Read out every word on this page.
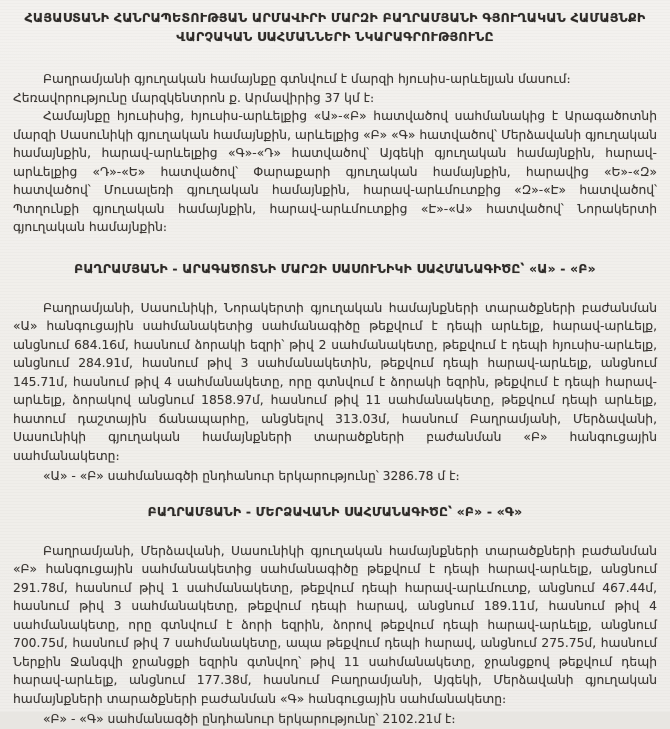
ՀԱՅԱՍՏԱՆԻ ՀԱՆՐԱՊԵՏՈՒԹՅԱՆ ԱՐՄԱՎԻՐԻ ՄԱՐԶԻ ԲԱՂՐԱՄՅԱՆԻ ԳՅՈՒՂԱԿԱՆ ՀԱՄԱՅՆՔԻ
ՎԱՐՉԱԿԱՆ ՍԱՀՄԱՆՆԵՐԻ ՆԿԱՐԱԳՐՈՒԹՅՈՒՆԸ

Բաղրամյանի գյուղական համայնքը գտնվում է մարզի հյուսիս-արևելյան մասում։

Հեռավորությունը մարզկենտրոն ք. Արմավիրից 37 կմ է։

Համայնքը հյուսիսից, հյուսիս-արևելքից «Ա»-«Բ» հատվածով սահմանակից է Արագածոտնի մարզի Սասունիկի գյուղական համայնքին, արևելքից «Բ» «Գ» հատվածով՝ Մերձավանի գյուղական համայնքին, հարավ-արևելքից «Գ»-«Դ» հատվածով՝ Այգեկի գյուղական համայնքին, հարավ-արևելքից «Դ»-«Ե» հատվածով՝ Փարաքարի գյուղական համայնքին, հարավից «Ե»-«Զ» հատվածով՝ Մուսալեռի գյուղական համայնքին, հարավ-արևմուտքից «Զ»-«Է» հատվածով՝ Պտղունքի գյուղական համայնքին, հարավ-արևմուտքից «Է»-«Ա» հատվածով՝ Նորակերտի գյուղական համայնքին։

ԲԱՂՐԱՄՅԱՆԻ - ԱՐԱԳԱԾՈՏՆԻ ՄԱՐԶԻ ՍԱՍՈՒՆԻԿԻ ՍԱՀՄԱՆԱԳԻԾԸ՝ «Ա» - «Բ»

Բաղրամյանի, Սասունիկի, Նորակերտի գյուղական համայնքների տարածքների բաժանման «Ա» հանգուցային սահմանակետից սահմանագիծը թեքվում է դեպի արևելք, հարավ-արևելք, անցնում 684.16մ, հասնում ձորակի եզրի՝ թիվ 2 սահմանակետը, թեքվում է դեպի հյուսիս-արևելք, անցնում 284.91մ, հասնում թիվ 3 սահմանակետին, թեքվում դեպի հարավ-արևելք, անցնում 145.71մ, հասնում թիվ 4 սահմանակետը, որը գտնվում է ձորակի եզրին, թեքվում է դեպի հարավ-արևելք, ձորակով անցնում 1858.97մ, հասնում թիվ 11 սահմանակետը, թեքվում դեպի արևելք, հատում դաշտային ճանապարհը, անցնելով 313.03մ, հասնում Բաղրամյանի, Մերձավանի, Սասունիկի գյուղական համայնքների տարածքների բաժանման «Բ» հանգուցային սահմանակետը։

«Ա» - «Բ» սահմանագծի ընդհանուր երկարությունը՝ 3286.78 մ է։

ԲԱՂՐԱՄՅԱՆԻ - ՄԵՐՁԱՎԱՆԻ ՍԱՀՄԱՆԱԳԻԾԸ՝ «Բ» - «Գ»

Բաղրամյանի, Մերձավանի, Սասունիկի գյուղական համայնքների տարածքների բաժանման «Բ» հանգուցային սահմանակետից սահմանագիծը թեքվում է դեպի հարավ-արևելք, անցնում 291.78մ, հասնում թիվ 1 սահմանակետը, թեքվում դեպի հարավ-արևմուտք, անցնում 467.44մ, հասնում թիվ 3 սահմանակետը, թեքվում դեպի հարավ, անցնում 189.11մ, հասնում թիվ 4 սահմանակետը, որը գտնվում է ձորի եզրին, ձորով թեքվում դեպի հարավ-արևելք, անցնում 700.75մ, հասնում թիվ 7 սահմանակետը, ապա թեքվում դեպի հարավ, անցնում 275.75մ, հասնում Ներքին Ջանգվի ջրանցքի եզրին գտնվող՝ թիվ 11 սահմանակետը, ջրանցքով թեքվում դեպի հարավ-արևելք, անցնում 177.38մ, հասնում Բաղրամյանի, Այգեկի, Մերձավանի գյուղական համայնքների տարածքների բաժանման «Գ» հանգուցային սահմանակետը։

«Բ» - «Գ» սահմանագծի ընդհանուր երկարությունը՝ 2102.21մ է։
